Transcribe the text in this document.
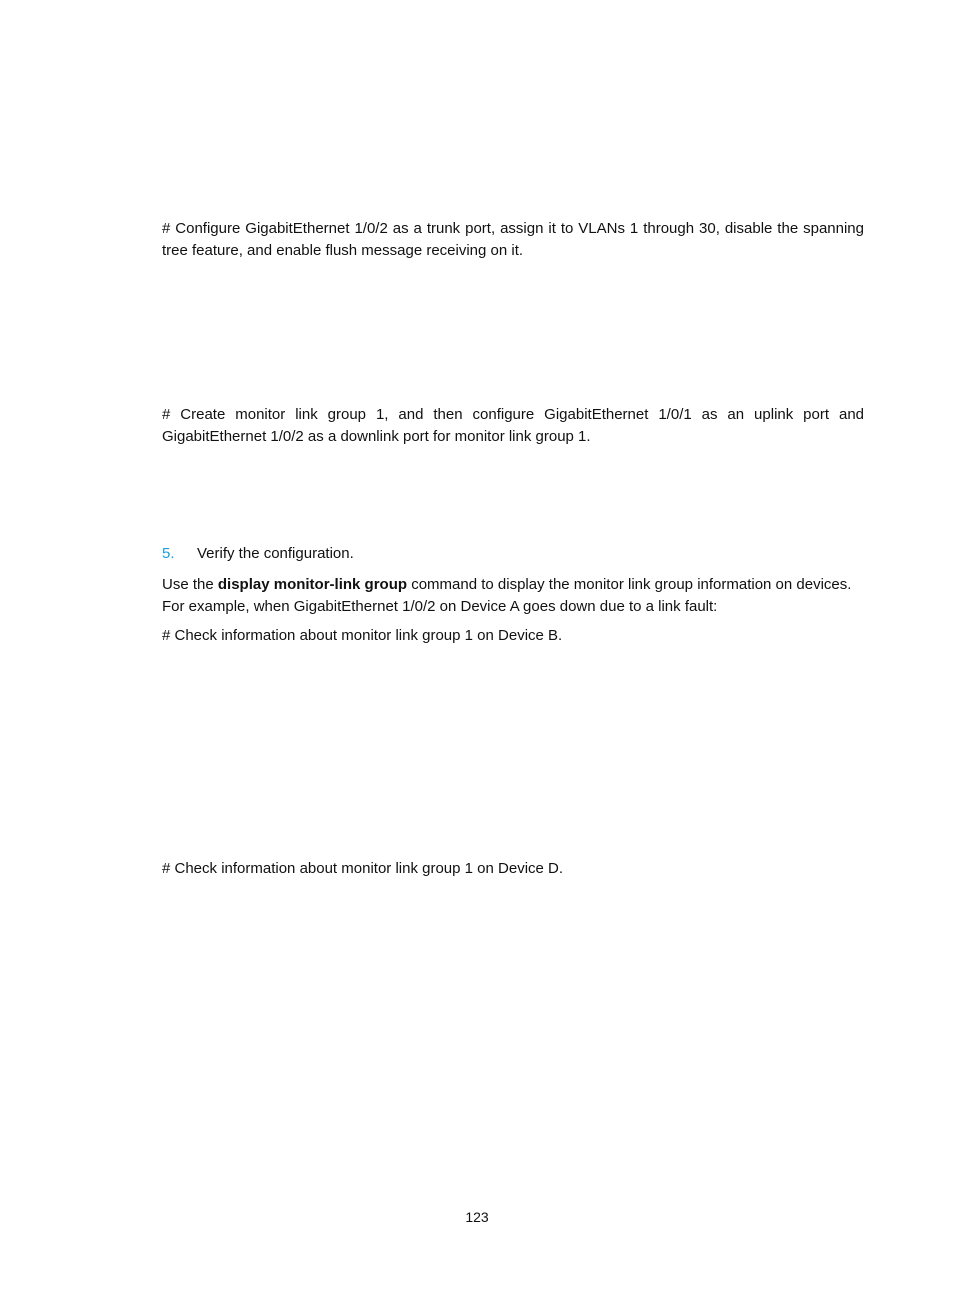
# Configure GigabitEthernet 1/0/2 as a trunk port, assign it to VLANs 1 through 30, disable the spanning tree feature, and enable flush message receiving on it.

# Create monitor link group 1, and then configure GigabitEthernet 1/0/1 as an uplink port and GigabitEthernet 1/0/2 as a downlink port for monitor link group 1.

5. Verify the configuration.

Use the display monitor-link group command to display the monitor link group information on devices. For example, when GigabitEthernet 1/0/2 on Device A goes down due to a link fault:

# Check information about monitor link group 1 on Device B.

# Check information about monitor link group 1 on Device D.

123
